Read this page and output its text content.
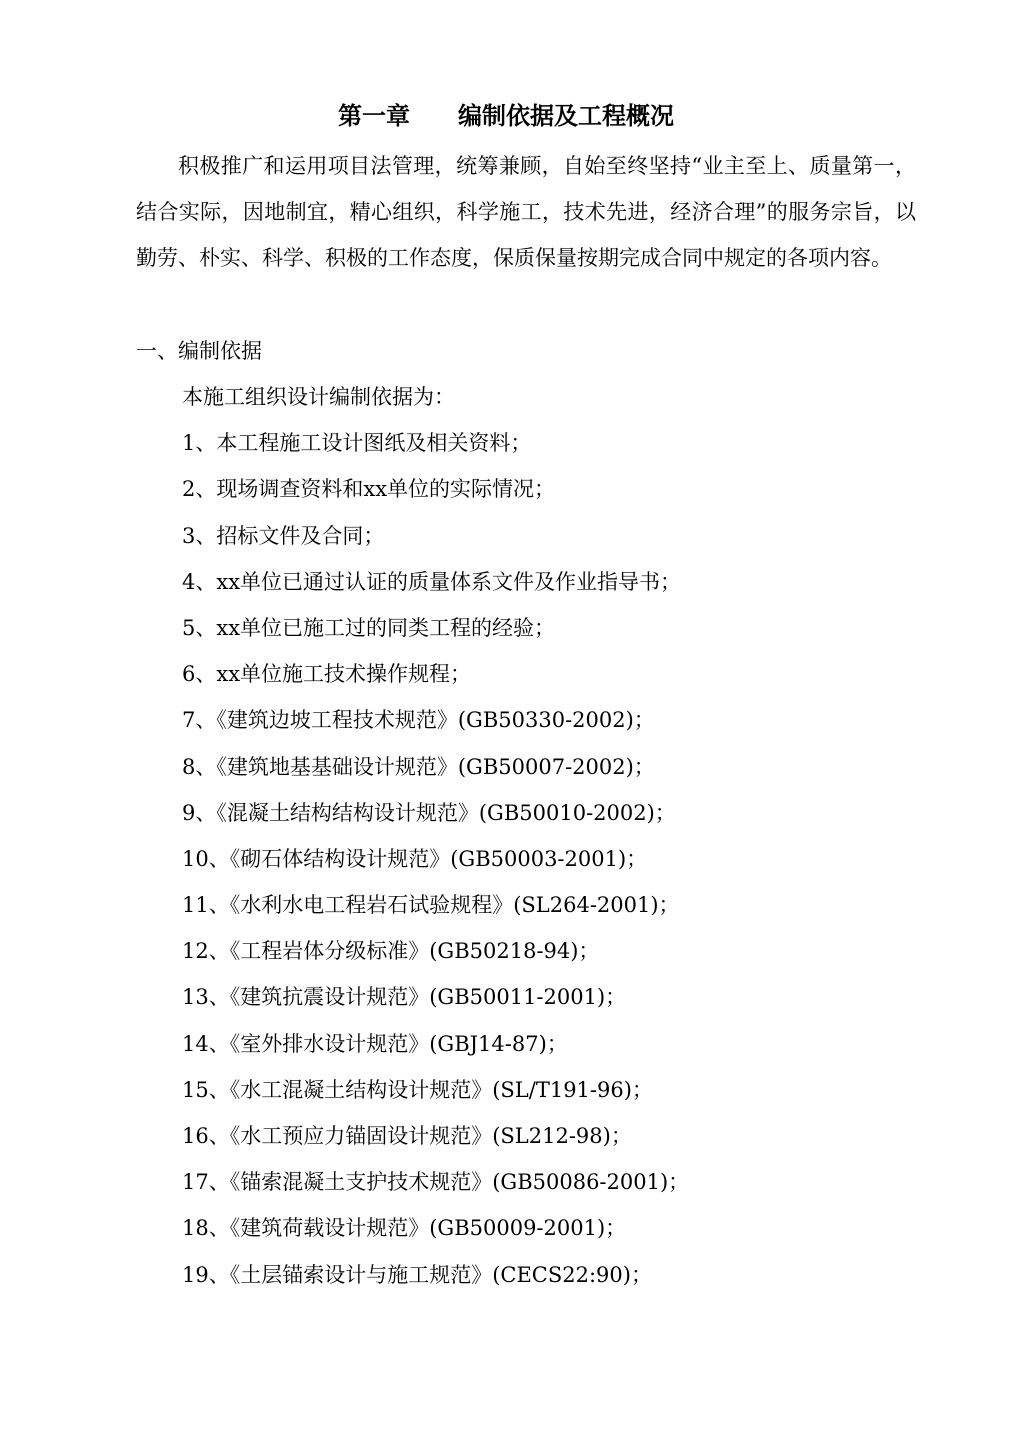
第一章 编制依据及工程概况

积极推广和运用项目法管理，统筹兼顾，自始至终坚持“业主至上、质量第一，结合实际，因地制宜，精心组织，科学施工，技术先进，经济合理”的服务宗旨，以勤劳、朴实、科学、积极的工作态度，保质保量按期完成合同中规定的各项内容。

一、编制依据
本施工组织设计编制依据为：
1、本工程施工设计图纸及相关资料；
2、现场调查资料和xx单位的实际情况；
3、招标文件及合同；
4、xx单位已通过认证的质量体系文件及作业指导书；
5、xx单位已施工过的同类工程的经验；
6、xx单位施工技术操作规程；
7、《建筑边坡工程技术规范》(GB50330-2002)；
8、《建筑地基基础设计规范》(GB50007-2002)；
9、《混凝土结构结构设计规范》(GB50010-2002)；
10、《砌石体结构设计规范》(GB50003-2001)；
11、《水利水电工程岩石试验规程》(SL264-2001)；
12、《工程岩体分级标准》(GB50218-94)；
13、《建筑抗震设计规范》(GB50011-2001)；
14、《室外排水设计规范》(GBJ14-87)；
15、《水工混凝土结构设计规范》(SL/T191-96)；
16、《水工预应力锚固设计规范》(SL212-98)；
17、《锚索混凝土支护技术规范》(GB50086-2001)；
18、《建筑荷载设计规范》(GB50009-2001)；
19、《土层锚索设计与施工规范》(CECS22:90)；
